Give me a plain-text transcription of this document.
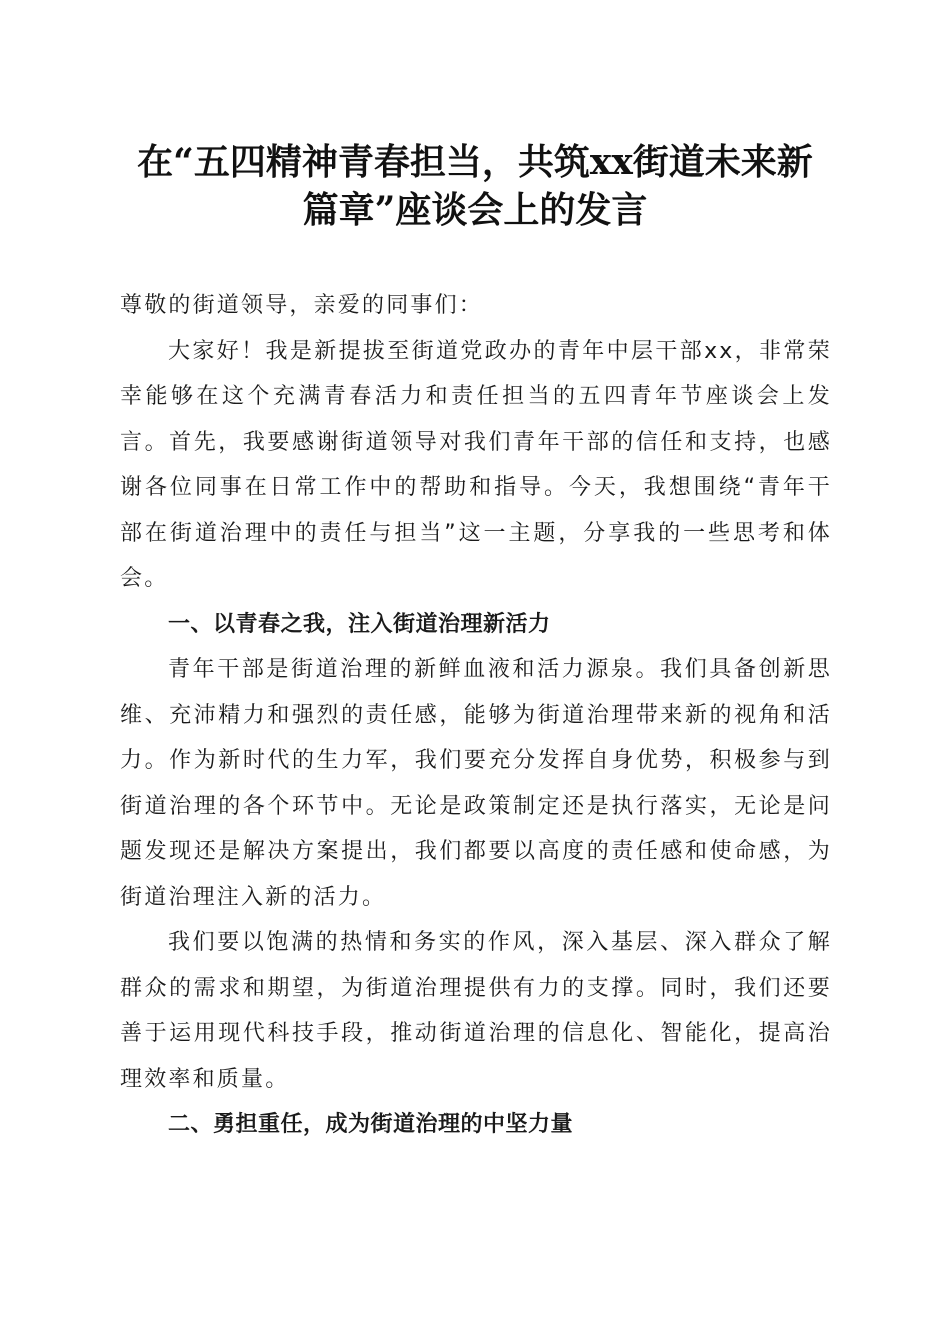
在“五四精神青春担当，共筑xx街道未来新
篇章”座谈会上的发言

尊敬的街道领导，亲爱的同事们：

大家好！我是新提拔至街道党政办的青年中层干部xx，非常荣幸能够在这个充满青春活力和责任担当的五四青年节座谈会上发言。首先，我要感谢街道领导对我们青年干部的信任和支持，也感谢各位同事在日常工作中的帮助和指导。今天，我想围绕“青年干部在街道治理中的责任与担当”这一主题，分享我的一些思考和体会。

一、以青春之我，注入街道治理新活力

青年干部是街道治理的新鲜血液和活力源泉。我们具备创新思维、充沛精力和强烈的责任感，能够为街道治理带来新的视角和活力。作为新时代的生力军，我们要充分发挥自身优势，积极参与到街道治理的各个环节中。无论是政策制定还是执行落实，无论是问题发现还是解决方案提出，我们都要以高度的责任感和使命感，为街道治理注入新的活力。

我们要以饱满的热情和务实的作风，深入基层、深入群众了解群众的需求和期望，为街道治理提供有力的支撑。同时，我们还要善于运用现代科技手段，推动街道治理的信息化、智能化，提高治理效率和质量。

二、勇担重任，成为街道治理的中坚力量
